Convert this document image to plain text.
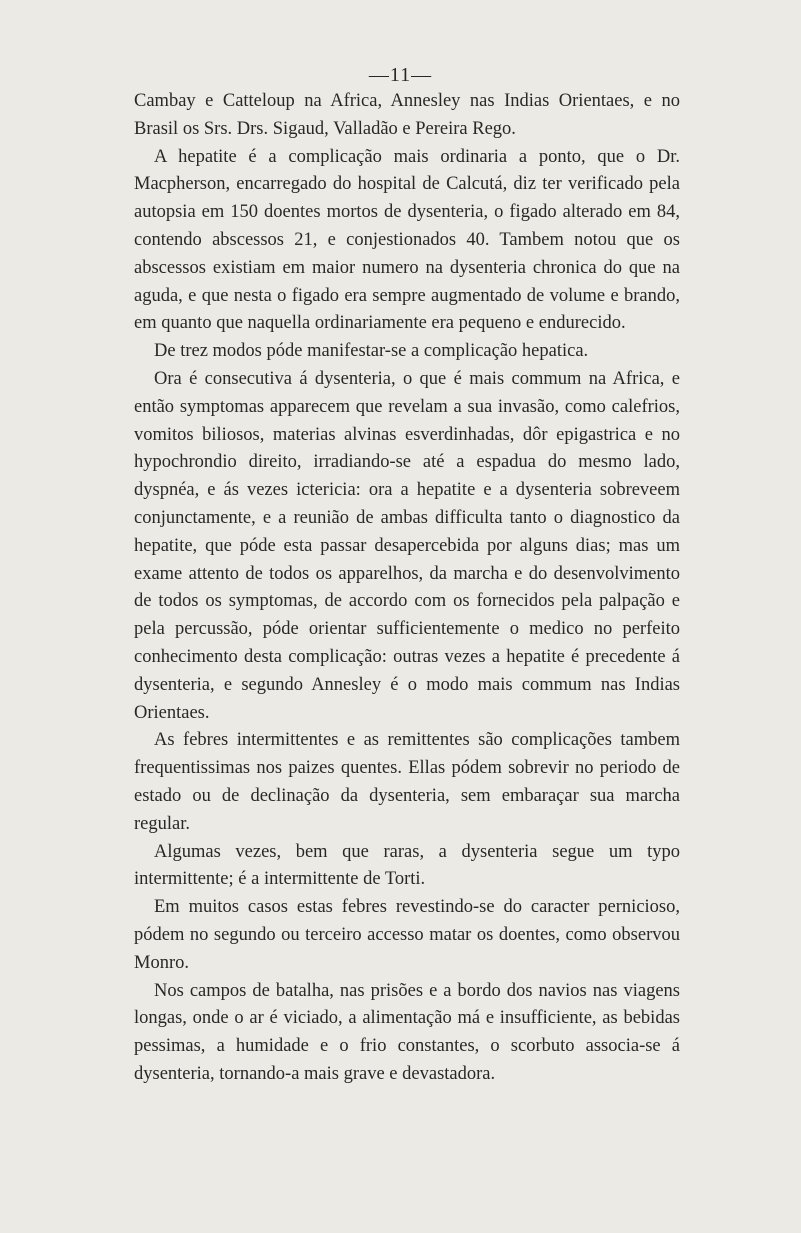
—11—

Cambay e Catteloup na Africa, Annesley nas Indias Orientaes, e no Brasil os Srs. Drs. Sigaud, Valladão e Pereira Rego.

A hepatite é a complicação mais ordinaria a ponto, que o Dr. Macpherson, encarregado do hospital de Calcutá, diz ter verificado pela autopsia em 150 doentes mortos de dysenteria, o figado alterado em 84, contendo abscessos 21, e conjestionados 40. Tambem notou que os abscessos existiam em maior numero na dysenteria chronica do que na aguda, e que nesta o figado era sempre augmentado de volume e brando, em quanto que naquella ordinariamente era pequeno e endurecido.

De trez modos póde manifestar-se a complicação hepatica.

Ora é consecutiva á dysenteria, o que é mais commum na Africa, e então symptomas apparecem que revelam a sua invasão, como calefrios, vomitos biliosos, materias alvinas esverdinhadas, dôr epigastrica e no hypochrondio direito, irradiando-se até a espadua do mesmo lado, dyspnéa, e ás vezes ictericia: ora a hepatite e a dysenteria sobreveem conjunctamente, e a reunião de ambas difficulta tanto o diagnostico da hepatite, que póde esta passar desapercebida por alguns dias; mas um exame attento de todos os apparelhos, da marcha e do desenvolvimento de todos os symptomas, de accordo com os fornecidos pela palpação e pela percussão, póde orientar sufficientemente o medico no perfeito conhecimento desta complicação: outras vezes a hepatite é precedente á dysenteria, e segundo Annesley é o modo mais commum nas Indias Orientaes.

As febres intermittentes e as remittentes são complicações tambem frequentissimas nos paizes quentes. Ellas pódem sobrevir no periodo de estado ou de declinação da dysenteria, sem embaraçar sua marcha regular.

Algumas vezes, bem que raras, a dysenteria segue um typo intermittente; é a intermittente de Torti.

Em muitos casos estas febres revestindo-se do caracter pernicioso, pódem no segundo ou terceiro accesso matar os doentes, como observou Monro.

Nos campos de batalha, nas prisões e a bordo dos navios nas viagens longas, onde o ar é viciado, a alimentação má e insufficiente, as bebidas pessimas, a humidade e o frio constantes, o scorbuto associa-se á dysenteria, tornando-a mais grave e devastadora.
